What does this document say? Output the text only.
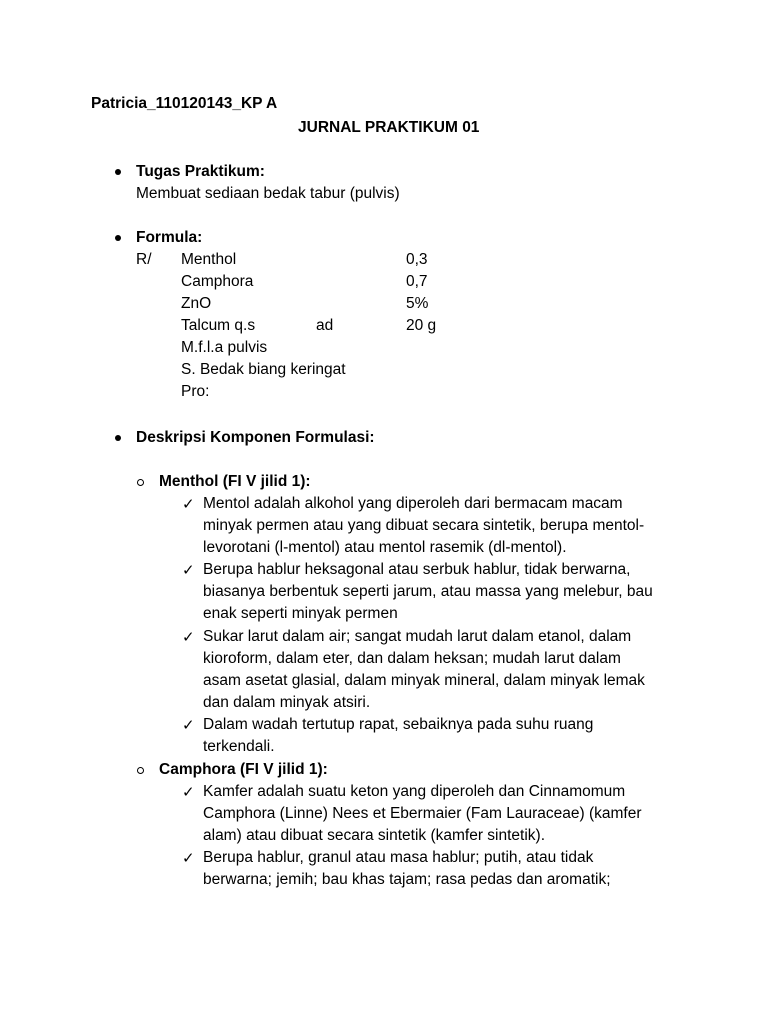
Patricia_110120143_KP A
JURNAL PRAKTIKUM 01
Tugas Praktikum:
Membuat sediaan bedak tabur (pulvis)
Formula:
R/ Menthol	0,3
Camphora	0,7
ZnO	5%
Talcum q.s	ad	20 g
M.f.l.a pulvis
S. Bedak biang keringat
Pro:
Deskripsi Komponen Formulasi:
Menthol (FI V jilid 1):
✓ Mentol adalah alkohol yang diperoleh dari bermacam macam
minyak permen atau yang dibuat secara sintetik, berupa mentol-
levorotani (l-mentol) atau mentol rasemik (dl-mentol).
✓ Berupa hablur heksagonal atau serbuk hablur, tidak berwarna,
biasanya berbentuk seperti jarum, atau massa yang melebur, bau
enak seperti minyak permen
✓ Sukar larut dalam air; sangat mudah larut dalam etanol, dalam
kioroform, dalam eter, dan dalam heksan; mudah larut dalam
asam asetat glasial, dalam minyak mineral, dalam minyak lemak
dan dalam minyak atsiri.
✓ Dalam wadah tertutup rapat, sebaiknya pada suhu ruang
terkendali.
Camphora (FI V jilid 1):
✓ Kamfer adalah suatu keton yang diperoleh dan Cinnamomum
Camphora (Linne) Nees et Ebermaier (Fam Lauraceae) (kamfer
alam) atau dibuat secara sintetik (kamfer sintetik).
✓ Berupa hablur, granul atau masa hablur; putih, atau tidak
berwarna; jemih; bau khas tajam; rasa pedas dan aromatik;
